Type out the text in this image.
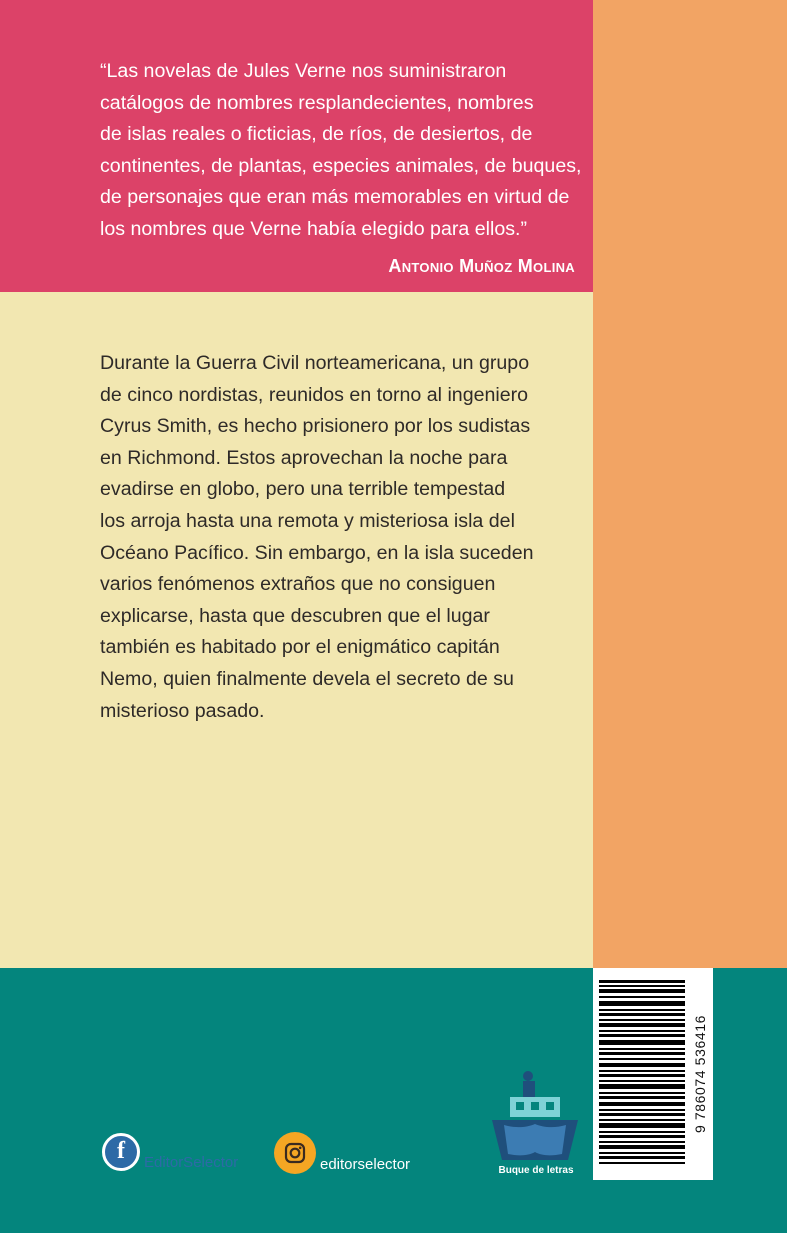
“Las novelas de Jules Verne nos suministraron
catálogos de nombres resplandecientes, nombres
de islas reales o ficticias, de ríos, de desiertos, de
continentes, de plantas, especies animales, de buques,
de personajes que eran más memorables en virtud de
los nombres que Verne había elegido para ellos.”

Antonio Muñoz Molina

Durante la Guerra Civil norteamericana, un grupo
de cinco nordistas, reunidos en torno al ingeniero
Cyrus Smith, es hecho prisionero por los sudistas
en Richmond. Estos aprovechan la noche para
evadirse en globo, pero una terrible tempestad
los arroja hasta una remota y misteriosa isla del
Océano Pacífico. Sin embargo, en la isla suceden
varios fenómenos extraños que no consiguen
explicarse, hasta que descubren que el lugar
también es habitado por el enigmático capitán
Nemo, quien finalmente devela el secreto de su
misterioso pasado.

f	EditorSelector	editorselector	Buque de letras
9 786074 536416
